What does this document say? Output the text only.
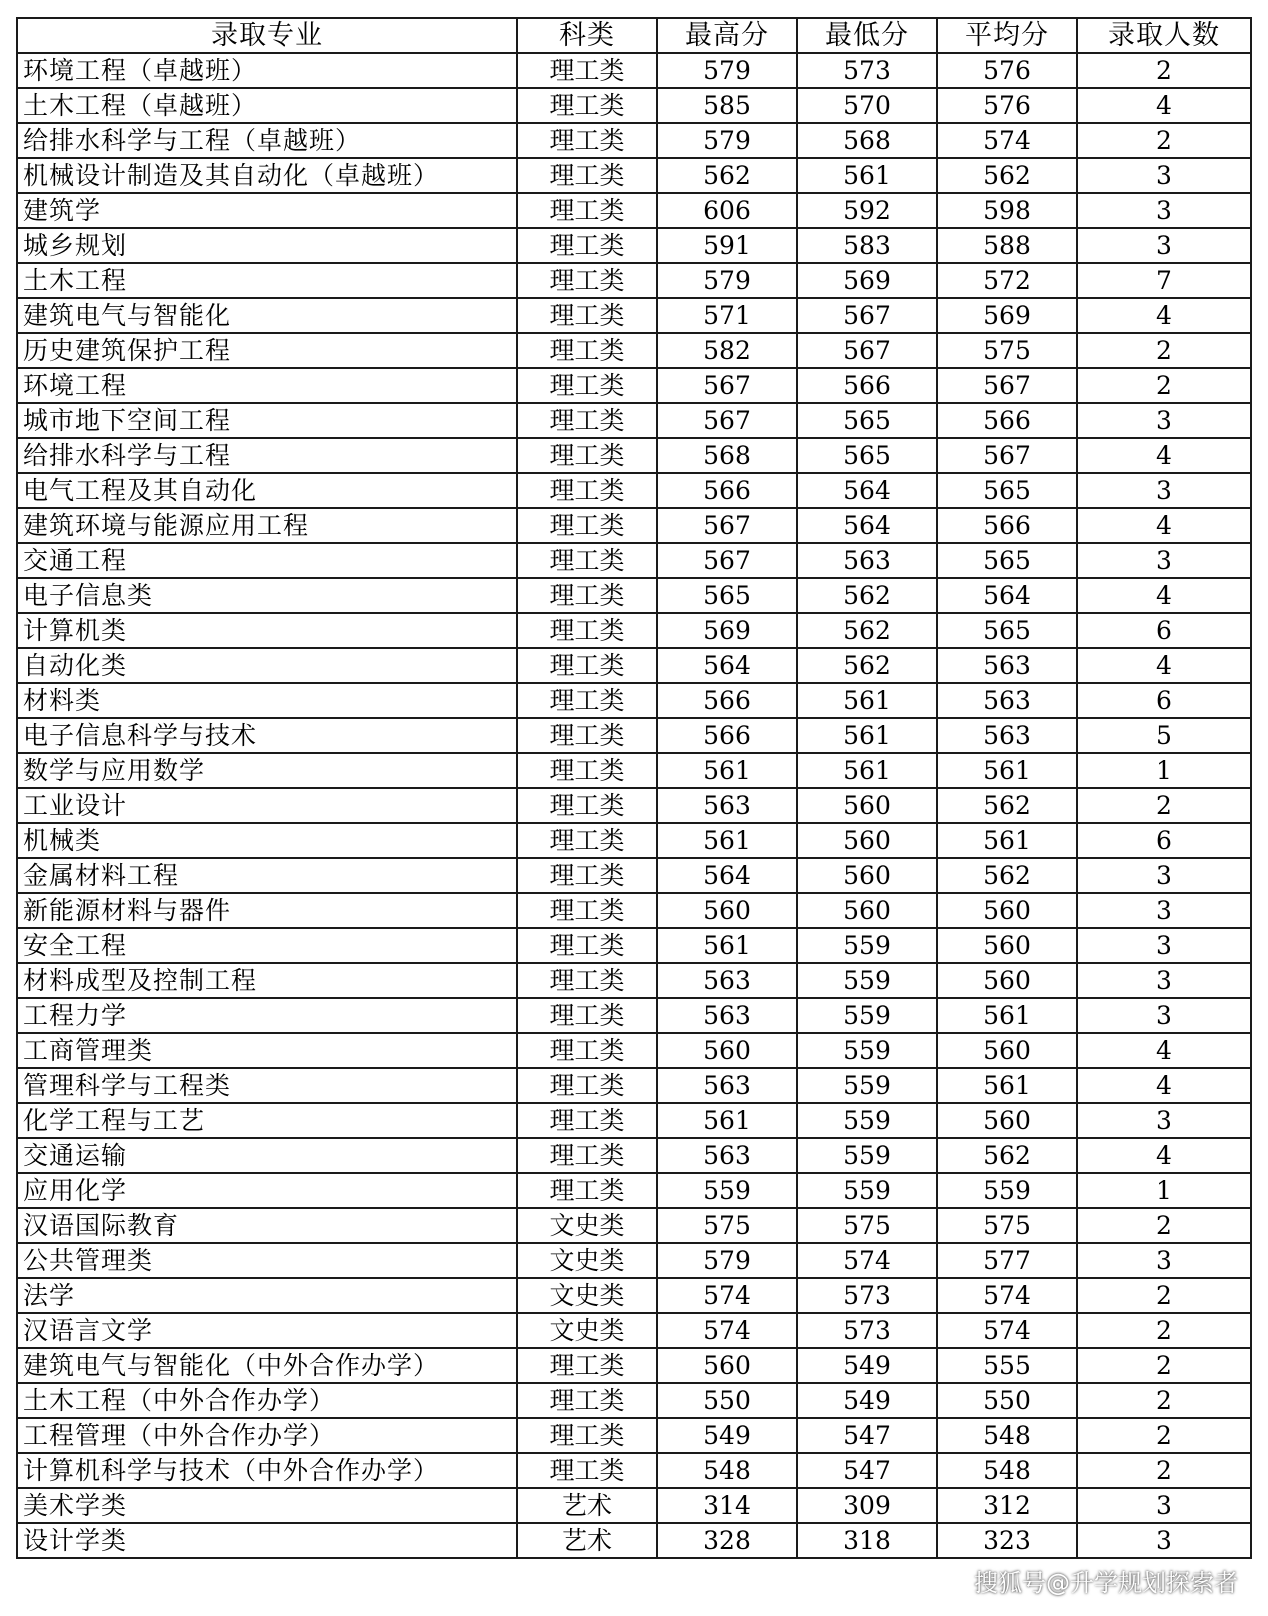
录取专业	科类	最高分	最低分	平均分	录取人数
环境工程（卓越班）	理工类	579	573	576	2
土木工程（卓越班）	理工类	585	570	576	4
给排水科学与工程（卓越班）	理工类	579	568	574	2
机械设计制造及其自动化（卓越班）	理工类	562	561	562	3
建筑学	理工类	606	592	598	3
城乡规划	理工类	591	583	588	3
土木工程	理工类	579	569	572	7
建筑电气与智能化	理工类	571	567	569	4
历史建筑保护工程	理工类	582	567	575	2
环境工程	理工类	567	566	567	2
城市地下空间工程	理工类	567	565	566	3
给排水科学与工程	理工类	568	565	567	4
电气工程及其自动化	理工类	566	564	565	3
建筑环境与能源应用工程	理工类	567	564	566	4
交通工程	理工类	567	563	565	3
电子信息类	理工类	565	562	564	4
计算机类	理工类	569	562	565	6
自动化类	理工类	564	562	563	4
材料类	理工类	566	561	563	6
电子信息科学与技术	理工类	566	561	563	5
数学与应用数学	理工类	561	561	561	1
工业设计	理工类	563	560	562	2
机械类	理工类	561	560	561	6
金属材料工程	理工类	564	560	562	3
新能源材料与器件	理工类	560	560	560	3
安全工程	理工类	561	559	560	3
材料成型及控制工程	理工类	563	559	560	3
工程力学	理工类	563	559	561	3
工商管理类	理工类	560	559	560	4
管理科学与工程类	理工类	563	559	561	4
化学工程与工艺	理工类	561	559	560	3
交通运输	理工类	563	559	562	4
应用化学	理工类	559	559	559	1
汉语国际教育	文史类	575	575	575	2
公共管理类	文史类	579	574	577	3
法学	文史类	574	573	574	2
汉语言文学	文史类	574	573	574	2
建筑电气与智能化（中外合作办学）	理工类	560	549	555	2
土木工程（中外合作办学）	理工类	550	549	550	2
工程管理（中外合作办学）	理工类	549	547	548	2
计算机科学与技术（中外合作办学）	理工类	548	547	548	2
美术学类	艺术	314	309	312	3
设计学类	艺术	328	318	323	3
搜狐号@升学规划探索者
